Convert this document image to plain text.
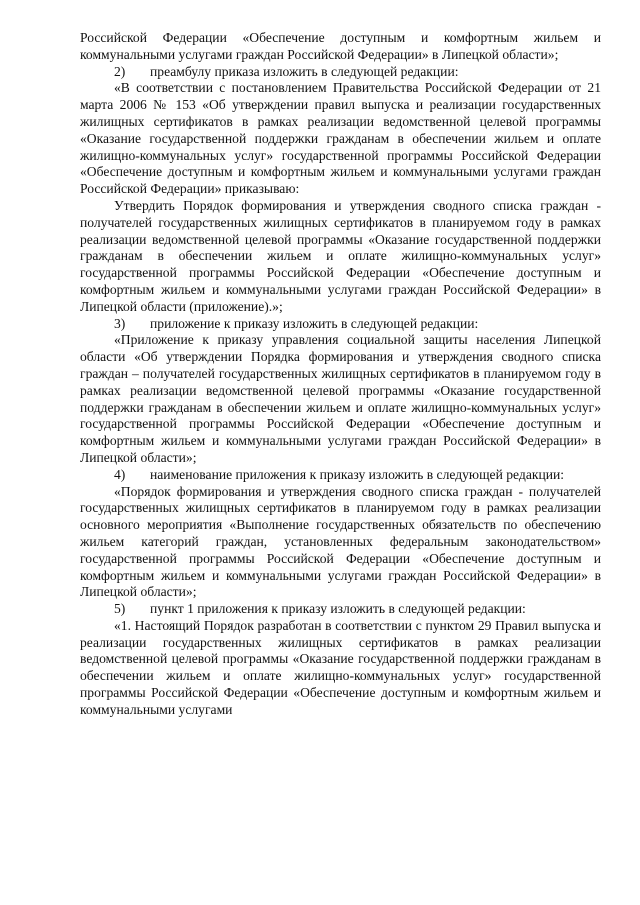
Российской Федерации «Обеспечение доступным и комфортным жильем и коммунальными услугами граждан Российской Федерации» в Липецкой области»;

2)	преамбулу приказа изложить в следующей редакции:

«В соответствии с постановлением Правительства Российской Федерации от 21 марта 2006 № 153 «Об утверждении правил выпуска и реализации государственных жилищных сертификатов в рамках реализации ведомственной целевой программы «Оказание государственной поддержки гражданам в обеспечении жильем и оплате жилищно-коммунальных услуг» государственной программы Российской Федерации «Обеспечение доступным и комфортным жильем и коммунальными услугами граждан Российской Федерации» приказываю:

Утвердить Порядок формирования и утверждения сводного списка граждан - получателей государственных жилищных сертификатов в планируемом году в рамках реализации ведомственной целевой программы «Оказание государственной поддержки гражданам в обеспечении жильем и оплате жилищно-коммунальных услуг» государственной программы Российской Федерации «Обеспечение доступным и комфортным жильем и коммунальными услугами граждан Российской Федерации» в Липецкой области (приложение).»;

3)	приложение к приказу изложить в следующей редакции:

«Приложение к приказу управления социальной защиты населения Липецкой области «Об утверждении Порядка формирования и утверждения сводного списка граждан – получателей государственных жилищных сертификатов в планируемом году в рамках реализации ведомственной целевой программы «Оказание государственной поддержки гражданам в обеспечении жильем и оплате жилищно-коммунальных услуг» государственной программы Российской Федерации «Обеспечение доступным и комфортным жильем и коммунальными услугами граждан Российской Федерации» в Липецкой области»;

4)	наименование приложения к приказу изложить в следующей редакции:

«Порядок формирования и утверждения сводного списка граждан - получателей государственных жилищных сертификатов в планируемом году в рамках реализации основного мероприятия «Выполнение государственных обязательств по обеспечению жильем категорий граждан, установленных федеральным законодательством» государственной программы Российской Федерации «Обеспечение доступным и комфортным жильем и коммунальными услугами граждан Российской Федерации» в Липецкой области»;

5)	пункт 1 приложения к приказу изложить в следующей редакции:

«1. Настоящий Порядок разработан в соответствии с пунктом 29 Правил выпуска и реализации государственных жилищных сертификатов в рамках реализации ведомственной целевой программы «Оказание государственной поддержки гражданам в обеспечении жильем и оплате жилищно-коммунальных услуг» государственной программы Российской Федерации «Обеспечение доступным и комфортным жильем и коммунальными услугами
